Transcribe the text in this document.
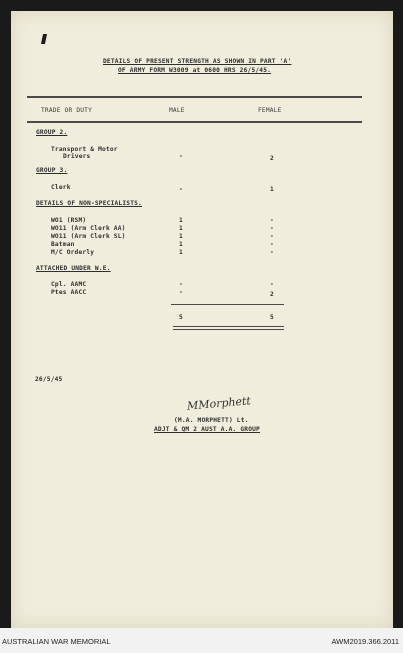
DETAILS OF PRESENT STRENGTH AS SHOWN IN PART 'A'
OF ARMY FORM W3009 at 0600 HRS 26/5/45.
TRADE OR DUTY	MALE	FEMALE
GROUP 2.
Transport & Motor
Drivers	-	2
GROUP 3.
Clerk	-	1
DETAILS OF NON-SPECIALISTS.
WO1 (RSM)	1	-
WO11 (Arm Clerk AA)	1	-
WO11 (Arm Clerk SL)	1	-
Batman	1	-
M/C Orderly	1	-
ATTACHED UNDER W.E.
Cpl. AAMC	-	-
Ptes AACC	-	2
5	5
26/5/45
MMorphett
(M.A. MORPHETT) Lt.
ADJT & QM 2 AUST A.A. GROUP
AUSTRALIAN WAR MEMORIAL	AWM2019.366.2011
